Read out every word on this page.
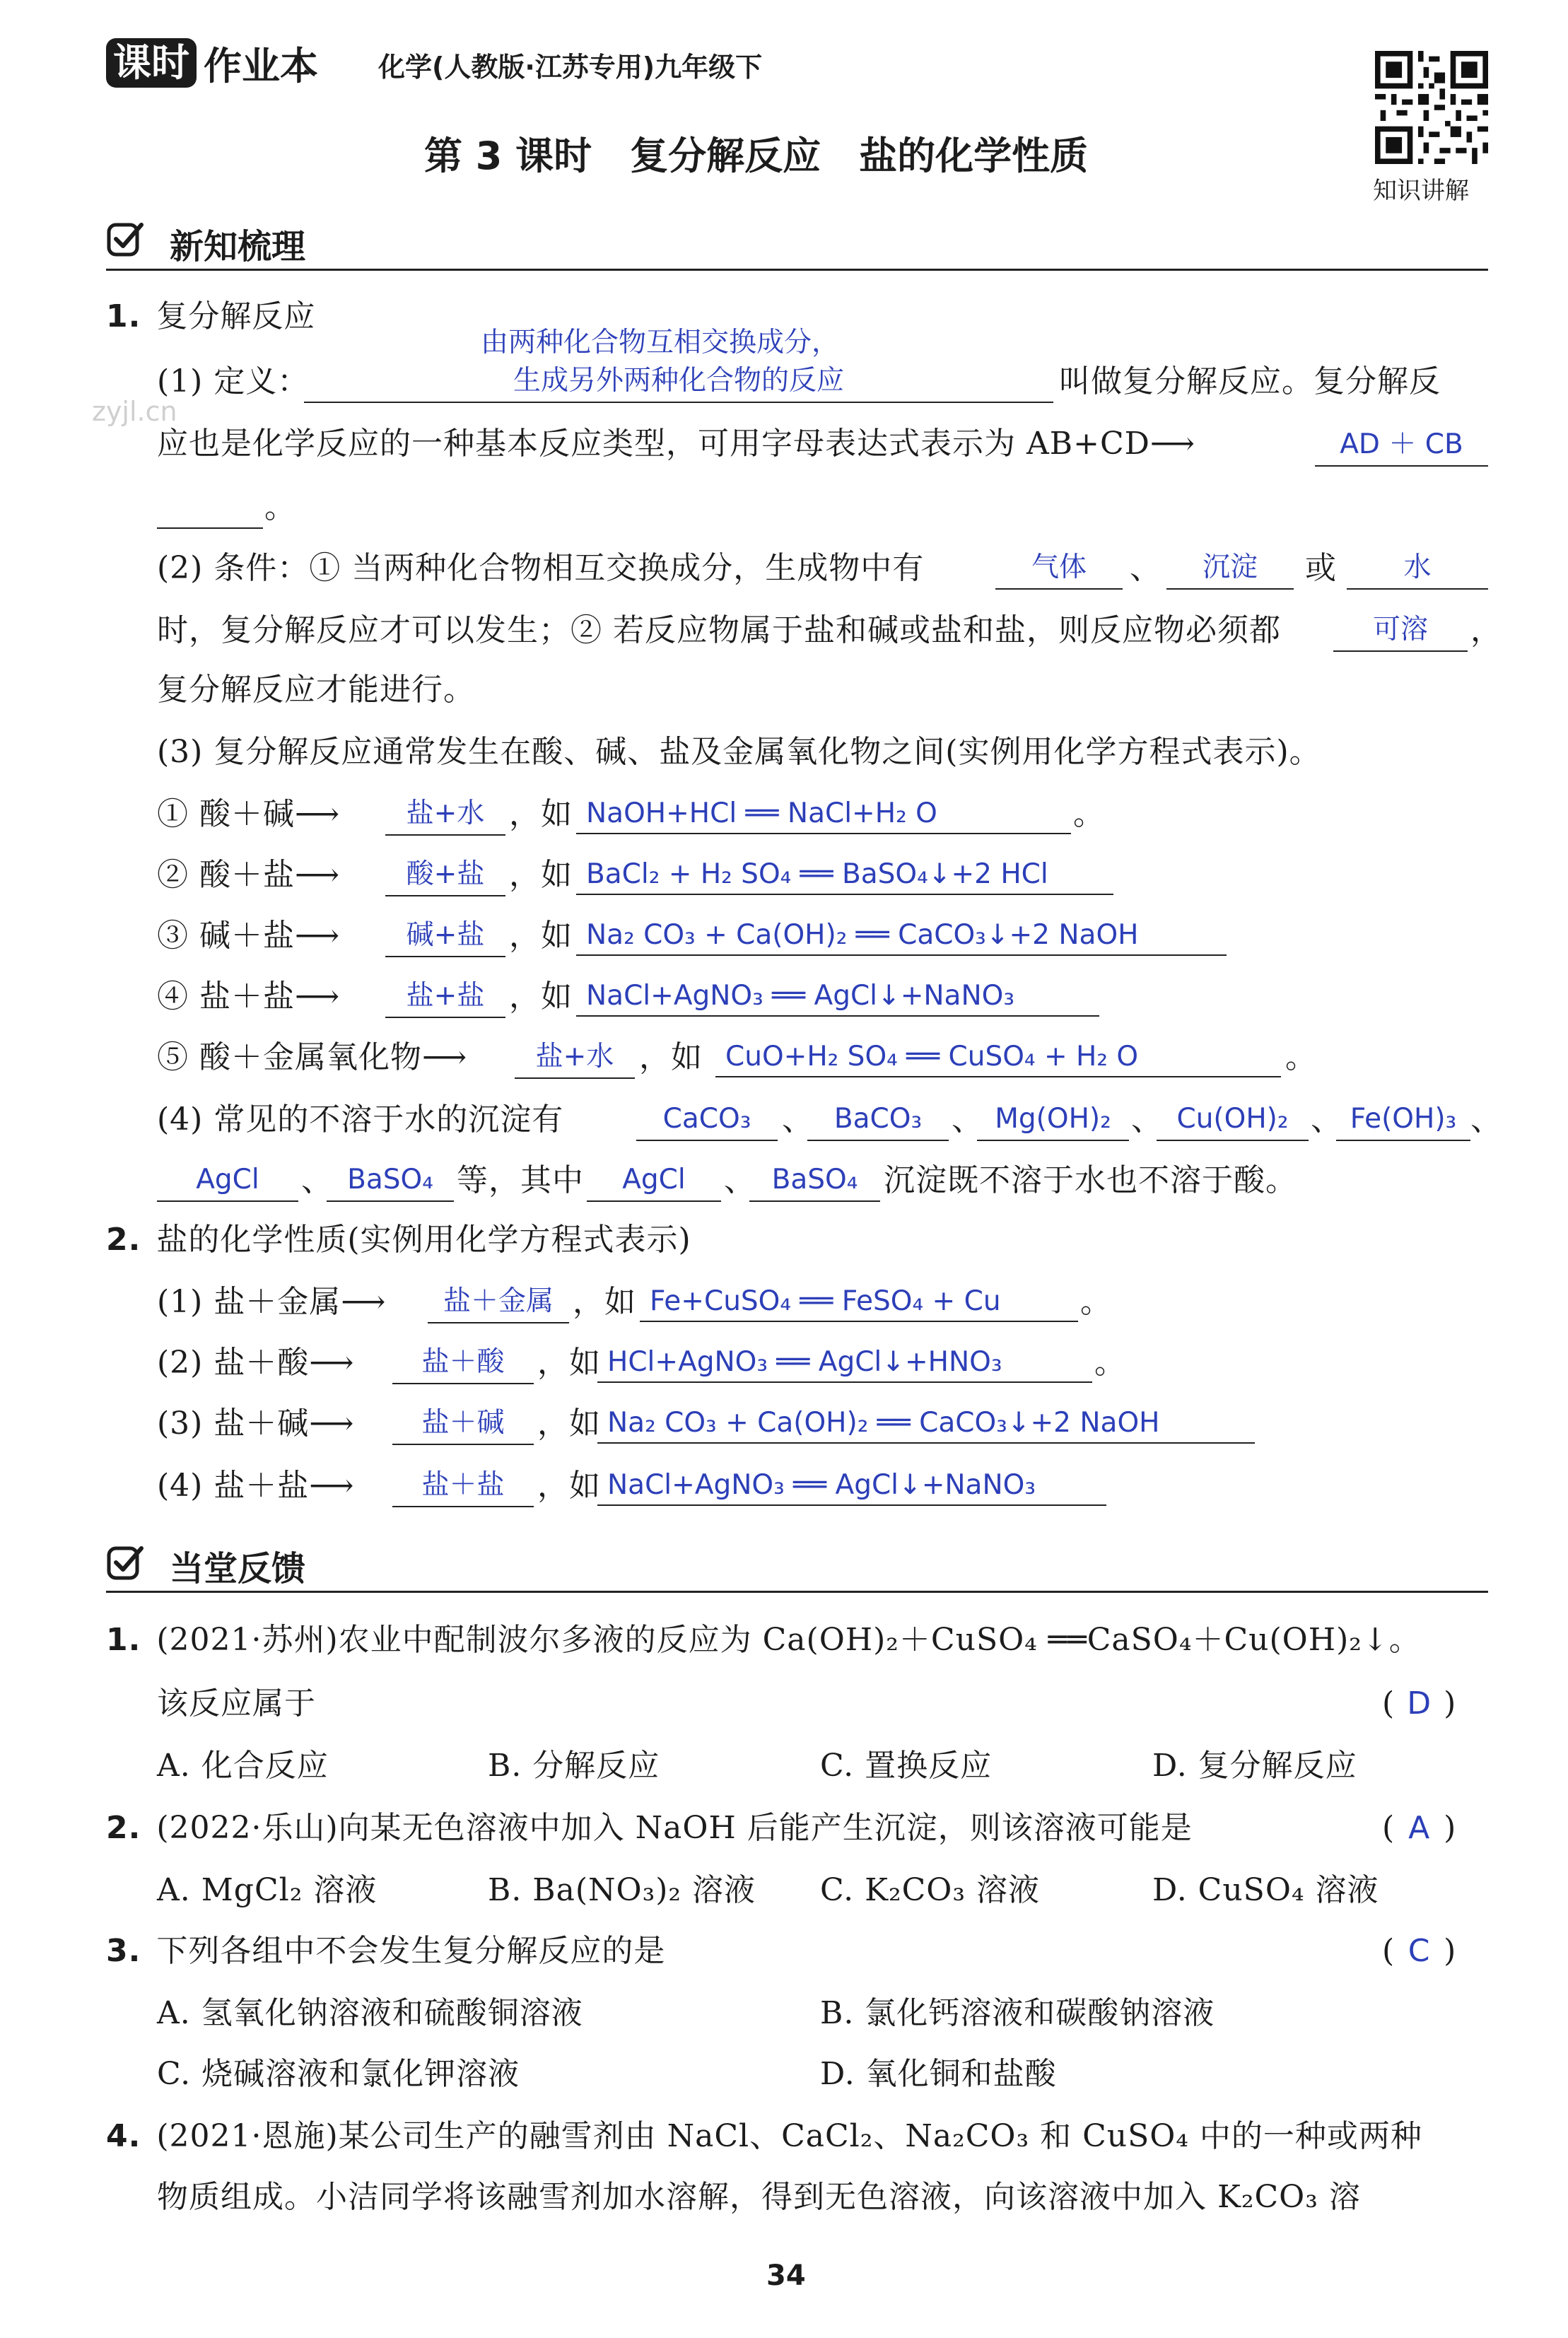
课时 作业本 化学(人教版·江苏专用)九年级下
第 3 课时　复分解反应　盐的化学性质
知识讲解
新知梳理
zyjl.cn
1. 复分解反应
由两种化合物互相交换成分，
(1) 定义：	生成另外两种化合物的反应	叫做复分解反应。复分解反
应也是化学反应的一种基本反应类型，可用字母表达式表示为 AB+CD⟶	AD ＋ CB
。
(2) 条件：① 当两种化合物相互交换成分，生成物中有	气体	、	沉淀	或	水
时，复分解反应才可以发生；② 若反应物属于盐和碱或盐和盐，则反应物必须都	可溶	，
复分解反应才能进行。
(3) 复分解反应通常发生在酸、碱、盐及金属氧化物之间(实例用化学方程式表示)。
① 酸＋碱⟶	盐+水 ，如 NaOH+HCl ══ NaCl+H₂ O	。
② 酸＋盐⟶	酸+盐 ，如 BaCl₂ + H₂ SO₄ ══ BaSO₄↓+2 HCl
③ 碱＋盐⟶	碱+盐 ，如 Na₂ CO₃ + Ca(OH)₂ ══ CaCO₃↓+2 NaOH
④ 盐＋盐⟶	盐+盐 ，如 NaCl+AgNO₃ ══ AgCl↓+NaNO₃
⑤ 酸＋金属氧化物⟶	盐+水 ，如 CuO+H₂ SO₄ ══ CuSO₄ + H₂ O	。
(4) 常见的不溶于水的沉淀有	CaCO₃ 、 BaCO₃ 、 Mg(OH)₂ 、 Cu(OH)₂ 、 Fe(OH)₃ 、
AgCl	、 BaSO₄ 等，其中	AgCl	、 BaSO₄ 沉淀既不溶于水也不溶于酸。
2. 盐的化学性质(实例用化学方程式表示)
(1) 盐＋金属⟶	盐＋金属 ，如 Fe+CuSO₄ ══ FeSO₄ + Cu	。
(2) 盐＋酸⟶	盐＋酸	，如 HCl+AgNO₃ ══ AgCl↓+HNO₃	。
(3) 盐＋碱⟶	盐＋碱	，如 Na₂ CO₃ + Ca(OH)₂ ══ CaCO₃↓+2 NaOH
(4) 盐＋盐⟶	盐＋盐	，如 NaCl+AgNO₃ ══ AgCl↓+NaNO₃
当堂反馈
1. (2021·苏州)农业中配制波尔多液的反应为 Ca(OH)₂＋CuSO₄ ══CaSO₄＋Cu(OH)₂↓。
该反应属于	( D )
A. 化合反应	B. 分解反应	C. 置换反应	D. 复分解反应
2. (2022·乐山)向某无色溶液中加入 NaOH 后能产生沉淀，则该溶液可能是	( A )
A. MgCl₂ 溶液	B. Ba(NO₃)₂ 溶液 C. K₂CO₃ 溶液	D. CuSO₄ 溶液
3. 下列各组中不会发生复分解反应的是	( C )
A. 氢氧化钠溶液和硫酸铜溶液	B. 氯化钙溶液和碳酸钠溶液
C. 烧碱溶液和氯化钾溶液	D. 氧化铜和盐酸
4. (2021·恩施)某公司生产的融雪剂由 NaCl、CaCl₂、Na₂CO₃ 和 CuSO₄ 中的一种或两种
物质组成。小洁同学将该融雪剂加水溶解，得到无色溶液，向该溶液中加入 K₂CO₃ 溶
34
